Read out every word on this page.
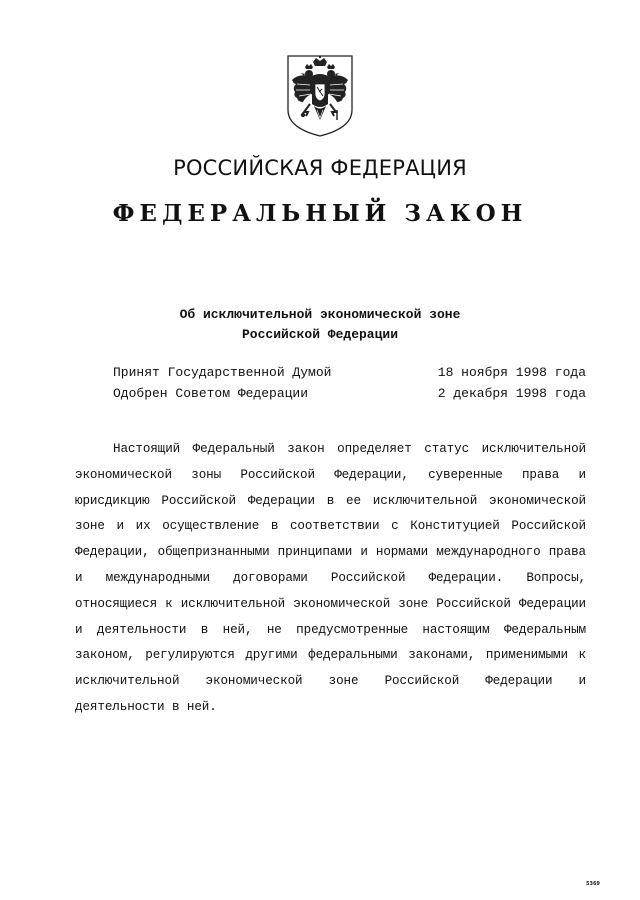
РОССИЙСКАЯ ФЕДЕРАЦИЯ
ФЕДЕРАЛЬНЫЙ ЗАКОН
Об исключительной экономической зоне
Российской Федерации
Принят Государственной Думой	18 ноября 1998 года
Одобрен Советом Федерации	2 декабря 1998 года

Настоящий Федеральный закон определяет статус исключительной экономической зоны Российской Федерации, суверенные права и юрисдикцию Российской Федерации в ее исключительной экономической зоне и их осуществление в соответствии с Конституцией Российской Федерации, общепризнанными принципами и нормами международного права и международными договорами Российской Федерации. Вопросы, относящиеся к исключительной экономической зоне Российской Федерации и деятельности в ней, не предусмотренные настоящим Федеральным законом, регулируются другими федеральными законами, применимыми к исключительной экономической зоне Российской Федерации и деятельности в ней.

5369
